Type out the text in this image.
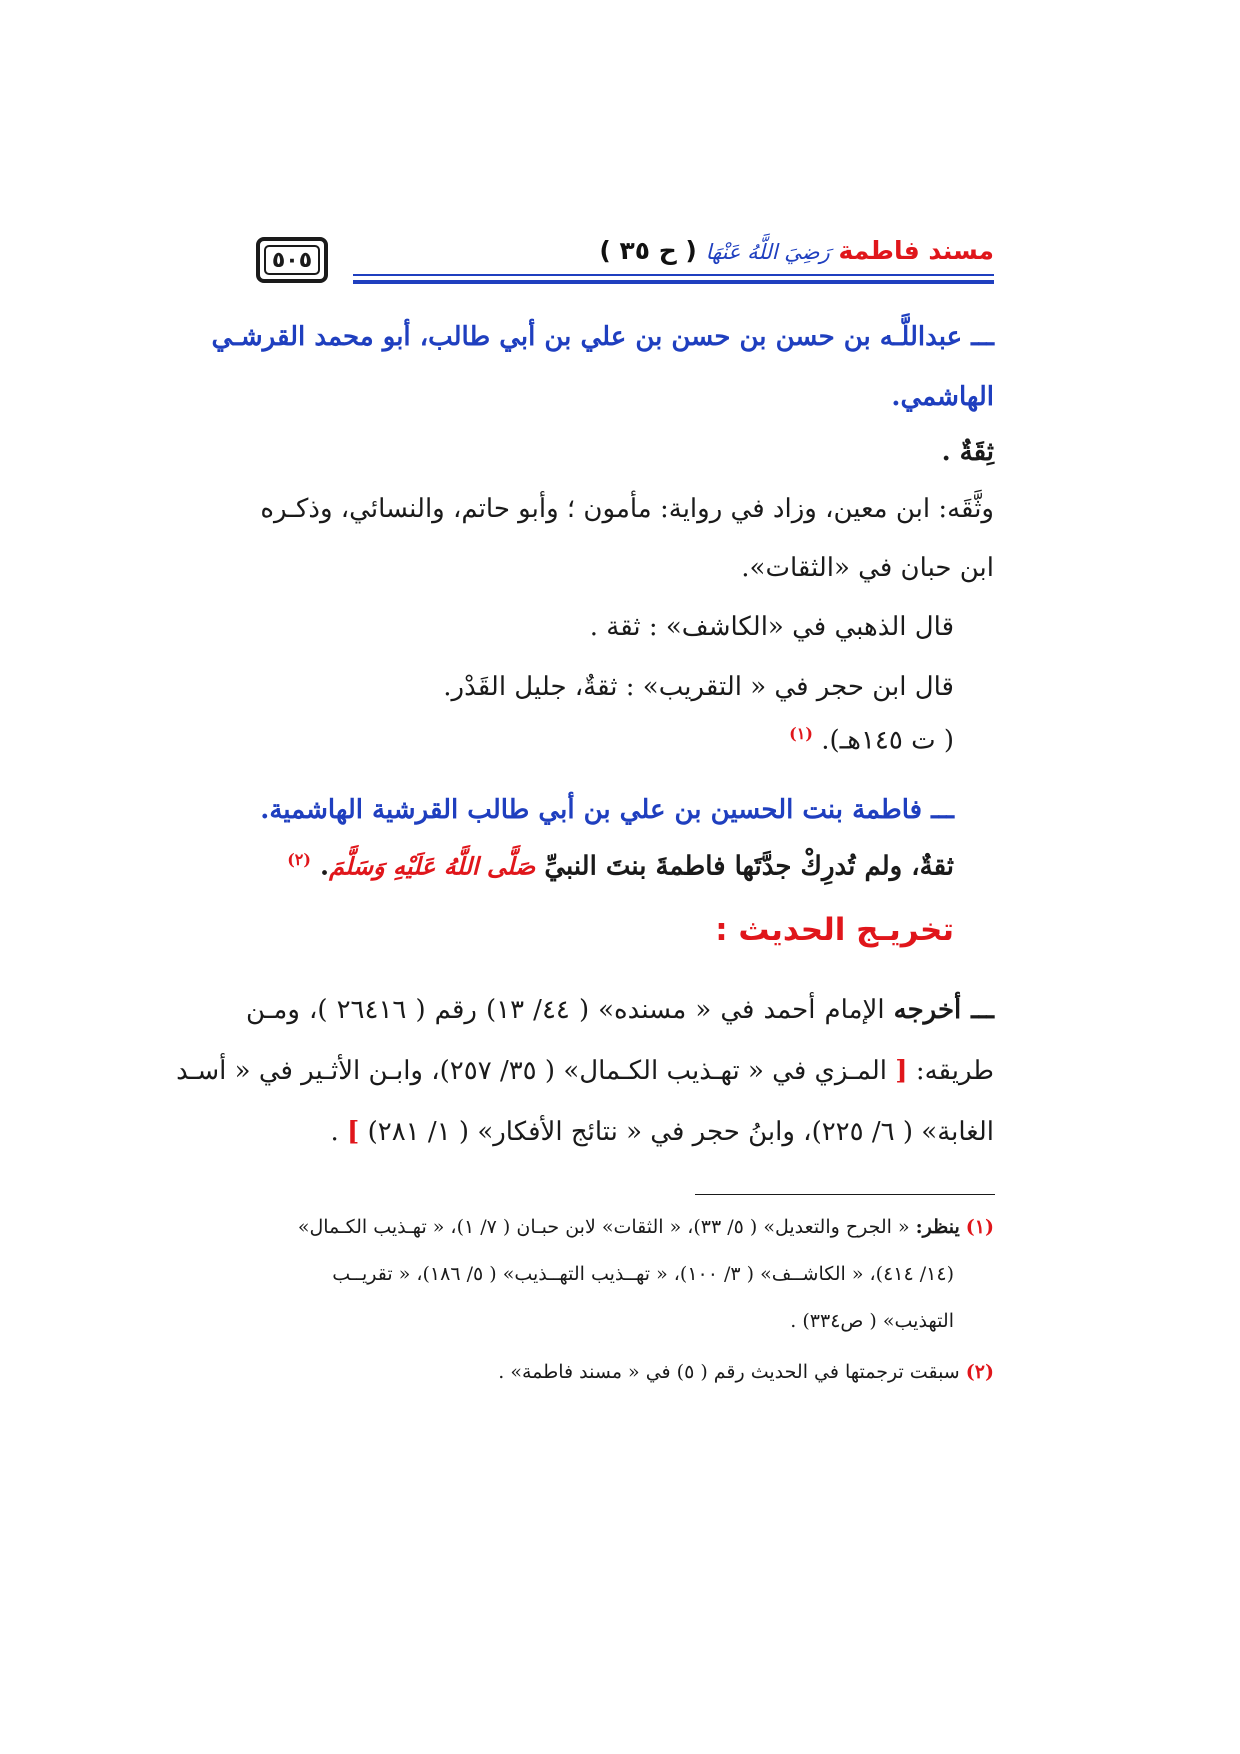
٥٠٥	مسند فاطمة رَضِيَ اللَّهُ عَنْهَا ( ح ٣٥ )
ـــ عبداللَّـه بن حسن بن حسن بن علي بن أبي طالب، أبو محمد القرشـي
الهاشمي.
ثِقَةٌ .
وثَّقَه: ابن معين، وزاد في رواية: مأمون ؛ وأبو حاتم، والنسائي، وذكـره
ابن حبان في «الثقات».
قال الذهبي في «الكاشف» : ثقة .
قال ابن حجر في « التقريب» : ثقةٌ، جليل القَدْر.
( ت ١٤٥هـ). $^{(١)}$
ـــ فاطمة بنت الحسين بن علي بن أبي طالب القرشية الهاشمية.
ثقةٌ، ولم تُدرِكْ جدَّتَها فاطمةَ بنتَ النبيِّ صَلَّى اللَّهُ عَلَيْهِ وَسَلَّمَ. $^{(٢)}$
تخريـج الحديث :
ـــ أخرجه الإمام أحمد في « مسنده» ( ٤٤/ ١٣) رقم ( ٢٦٤١٦ )، ومـن
طريقه: [ المـزي في « تهـذيب الكـمال» ( ٣٥/ ٢٥٧)، وابـن الأثـير في « أسـد
الغابة» ( ٦/ ٢٢٥)، وابنُ حجر في « نتائج الأفكار» ( ١/ ٢٨١) ] .
(١) ينظر: « الجرح والتعديل» ( ٥/ ٣٣)، « الثقات» لابن حبـان ( ٧/ ١)، « تهـذيب الكـمال»
(١٤/ ٤١٤)، « الكاشــف» ( ٣/ ١٠٠)، « تهــذيب التهــذيب» ( ٥/ ١٨٦)، « تقريــب
التهذيب» ( ص٣٣٤) .
(٢) سبقت ترجمتها في الحديث رقم ( ٥) في « مسند فاطمة» .
